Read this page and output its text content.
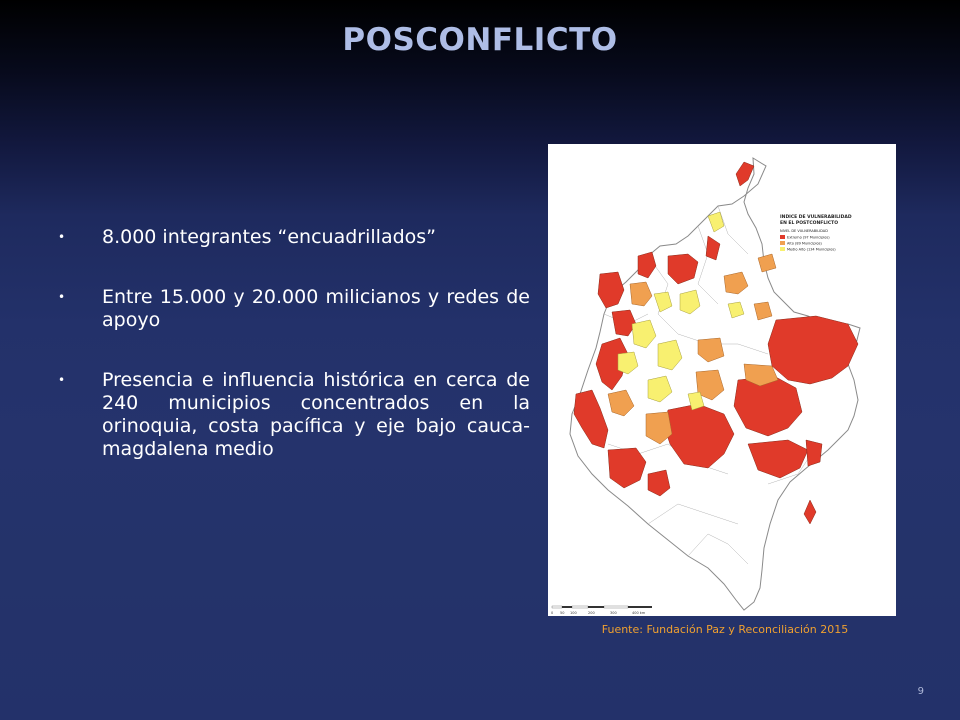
POSCONFLICTO
• 8.000 integrantes “encuadrillados”
• Entre 15.000 y 20.000 milicianos y redes de apoyo
• Presencia e influencia histórica en cerca de 240 municipios concentrados en la orinoquia, costa pacífica y eje bajo cauca-magdalena medio
INDICE DE VULNERABILIDAD
EN EL POSTCONFLICTO
NIVEL DE VULNERABILIDAD
Extremo (97 Municipios)
Alto (89 Municipios)
Medio Alto (134 Municipios)
0 50 100	200	300	400 km
Fuente: Fundación Paz y Reconciliación 2015
9
